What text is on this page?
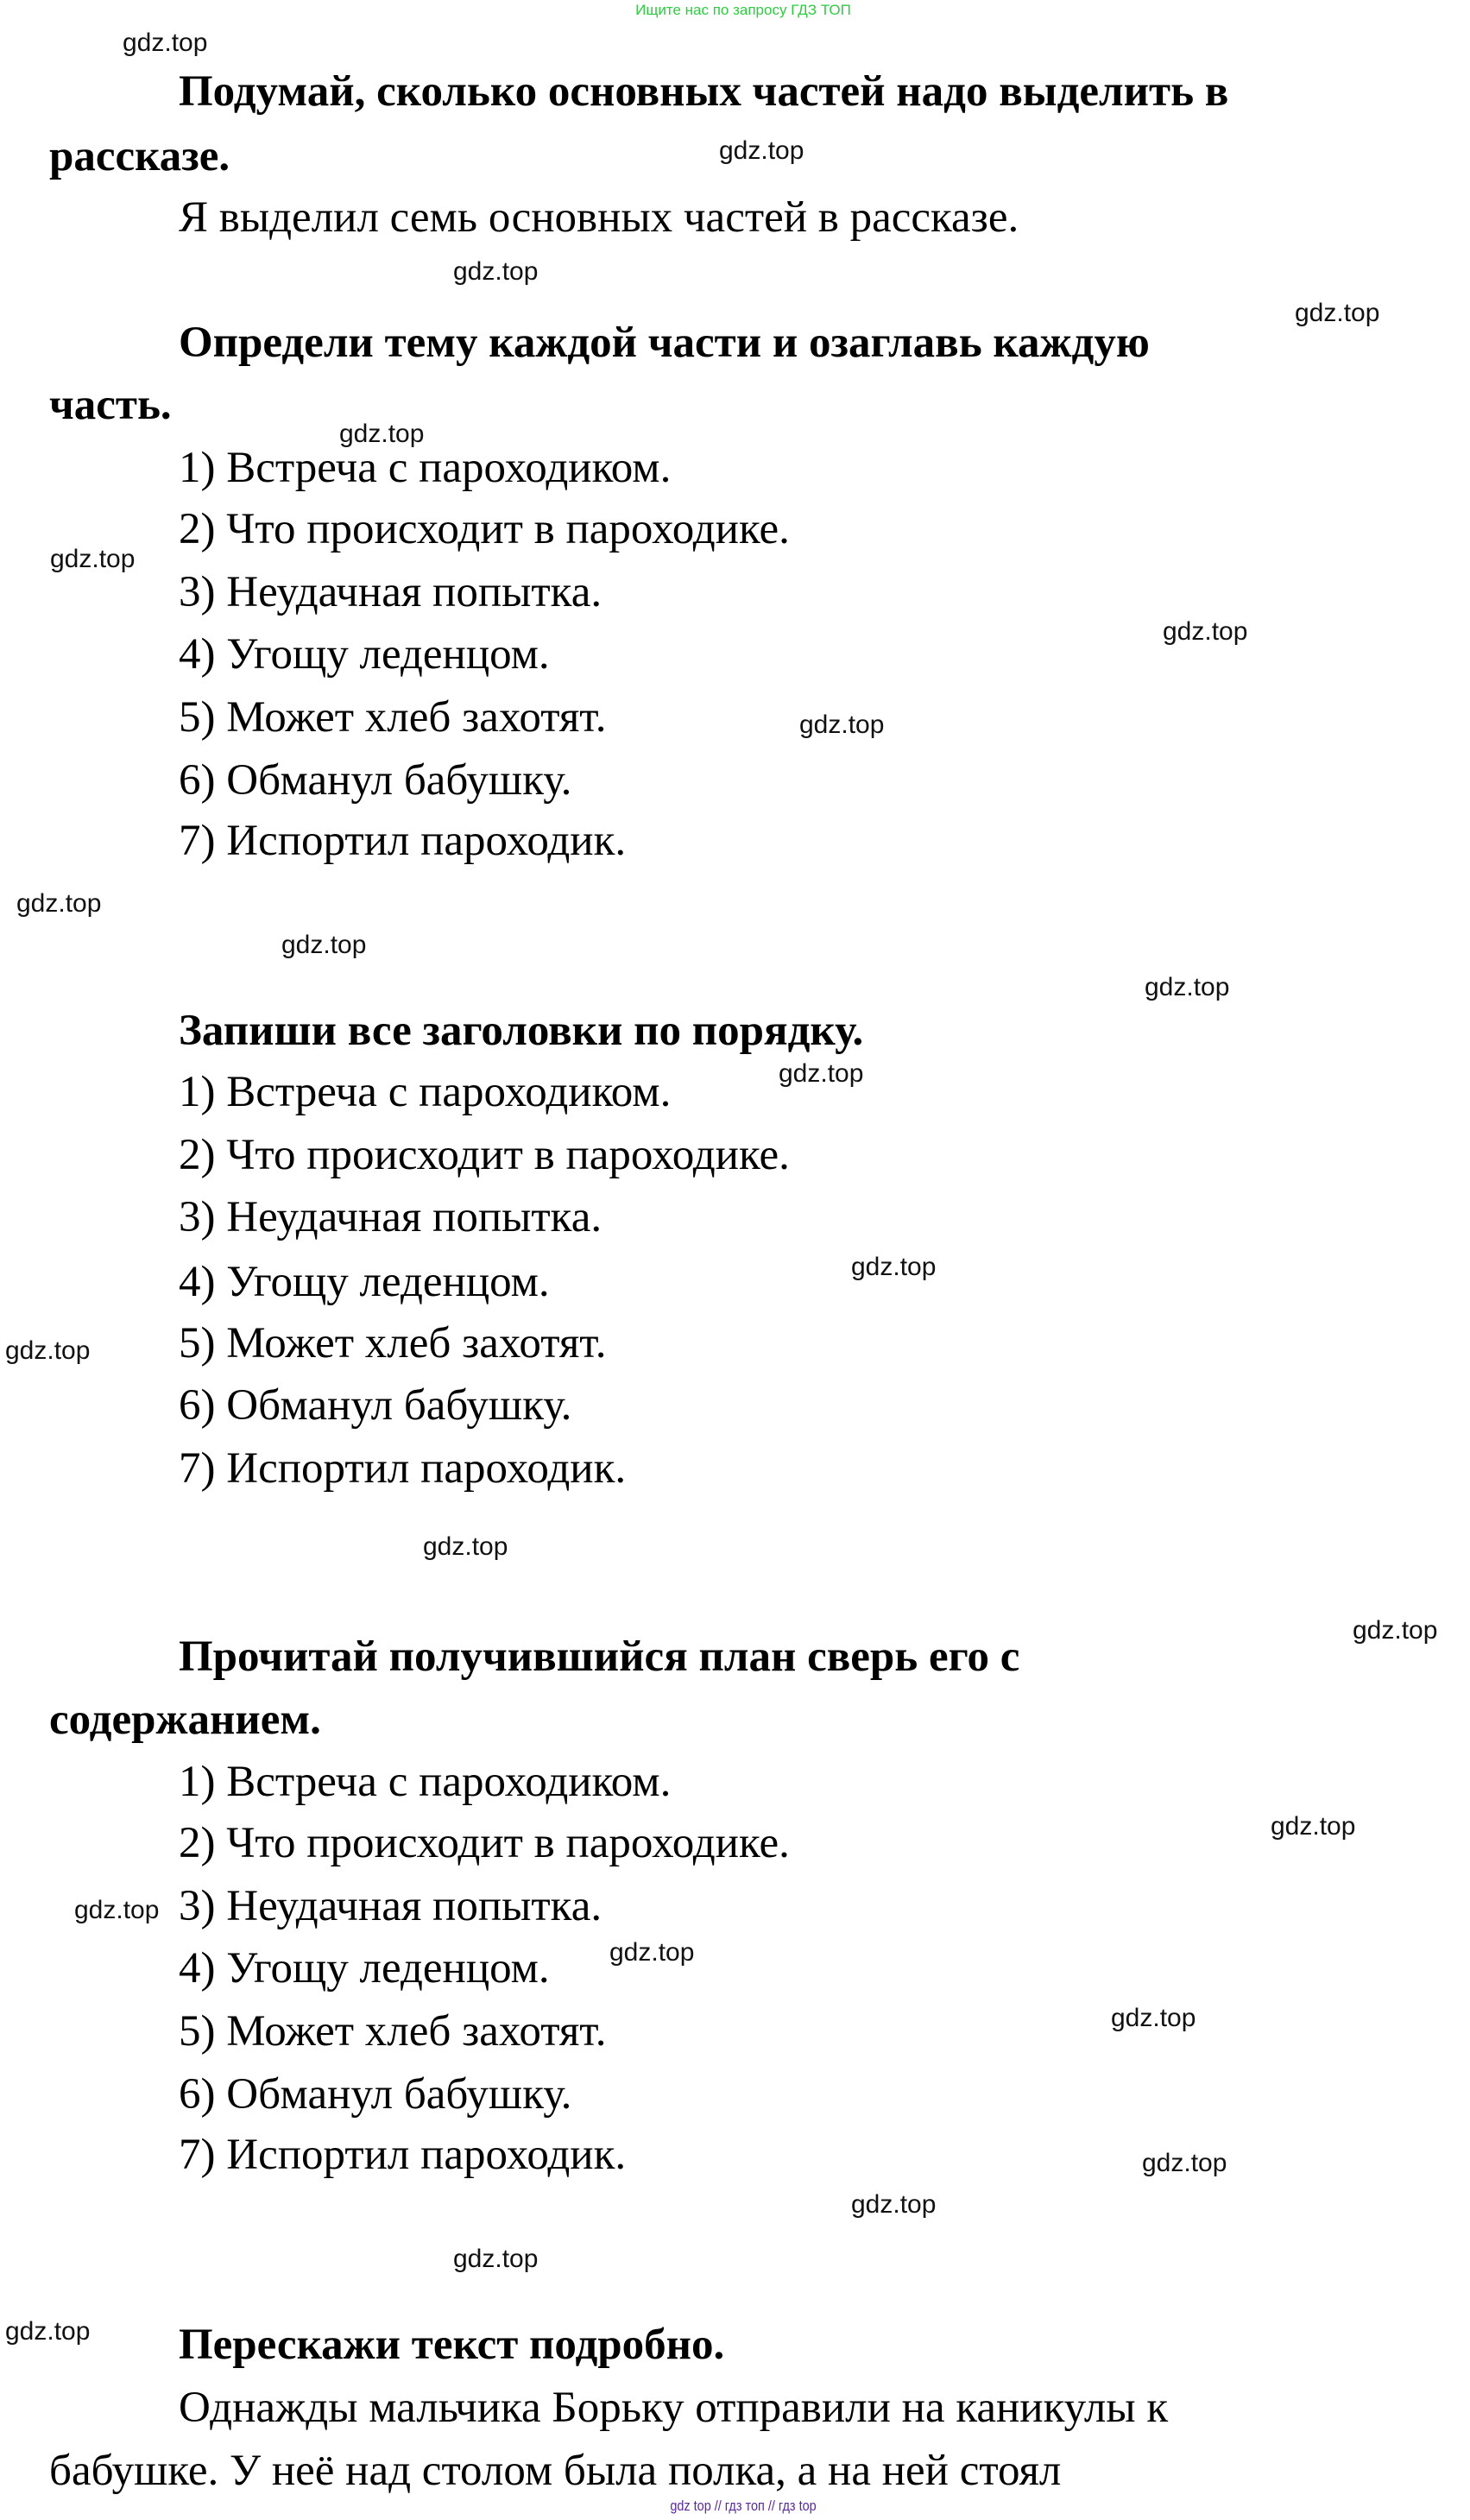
Ищите нас по запросу ГДЗ ТОП
Подумай, сколько основных частей надо выделить в
рассказе.
Я выделил семь основных частей в рассказе.
Определи тему каждой части и озаглавь каждую
часть.
1) Встреча с пароходиком.
2) Что происходит в пароходике.
3) Неудачная попытка.
4) Угощу леденцом.
5) Может хлеб захотят.
6) Обманул бабушку.
7) Испортил пароходик.
Запиши все заголовки по порядку.
1) Встреча с пароходиком.
2) Что происходит в пароходике.
3) Неудачная попытка.
4) Угощу леденцом.
5) Может хлеб захотят.
6) Обманул бабушку.
7) Испортил пароходик.
Прочитай получившийся план сверь его с
содержанием.
1) Встреча с пароходиком.
2) Что происходит в пароходике.
3) Неудачная попытка.
4) Угощу леденцом.
5) Может хлеб захотят.
6) Обманул бабушку.
7) Испортил пароходик.
Перескажи текст подробно.
Однажды мальчика Борьку отправили на каникулы к
бабушке. У неё над столом была полка, а на ней стоял
gdz.top
gdz.top
gdz.top
gdz.top
gdz.top
gdz.top
gdz.top
gdz.top
gdz.top
gdz.top
gdz.top
gdz.top
gdz.top
gdz.top
gdz.top
gdz.top
gdz.top
gdz.top
gdz.top
gdz.top
gdz.top
gdz.top
gdz.top
gdz.top
gdz top // гдз топ // гдз top
